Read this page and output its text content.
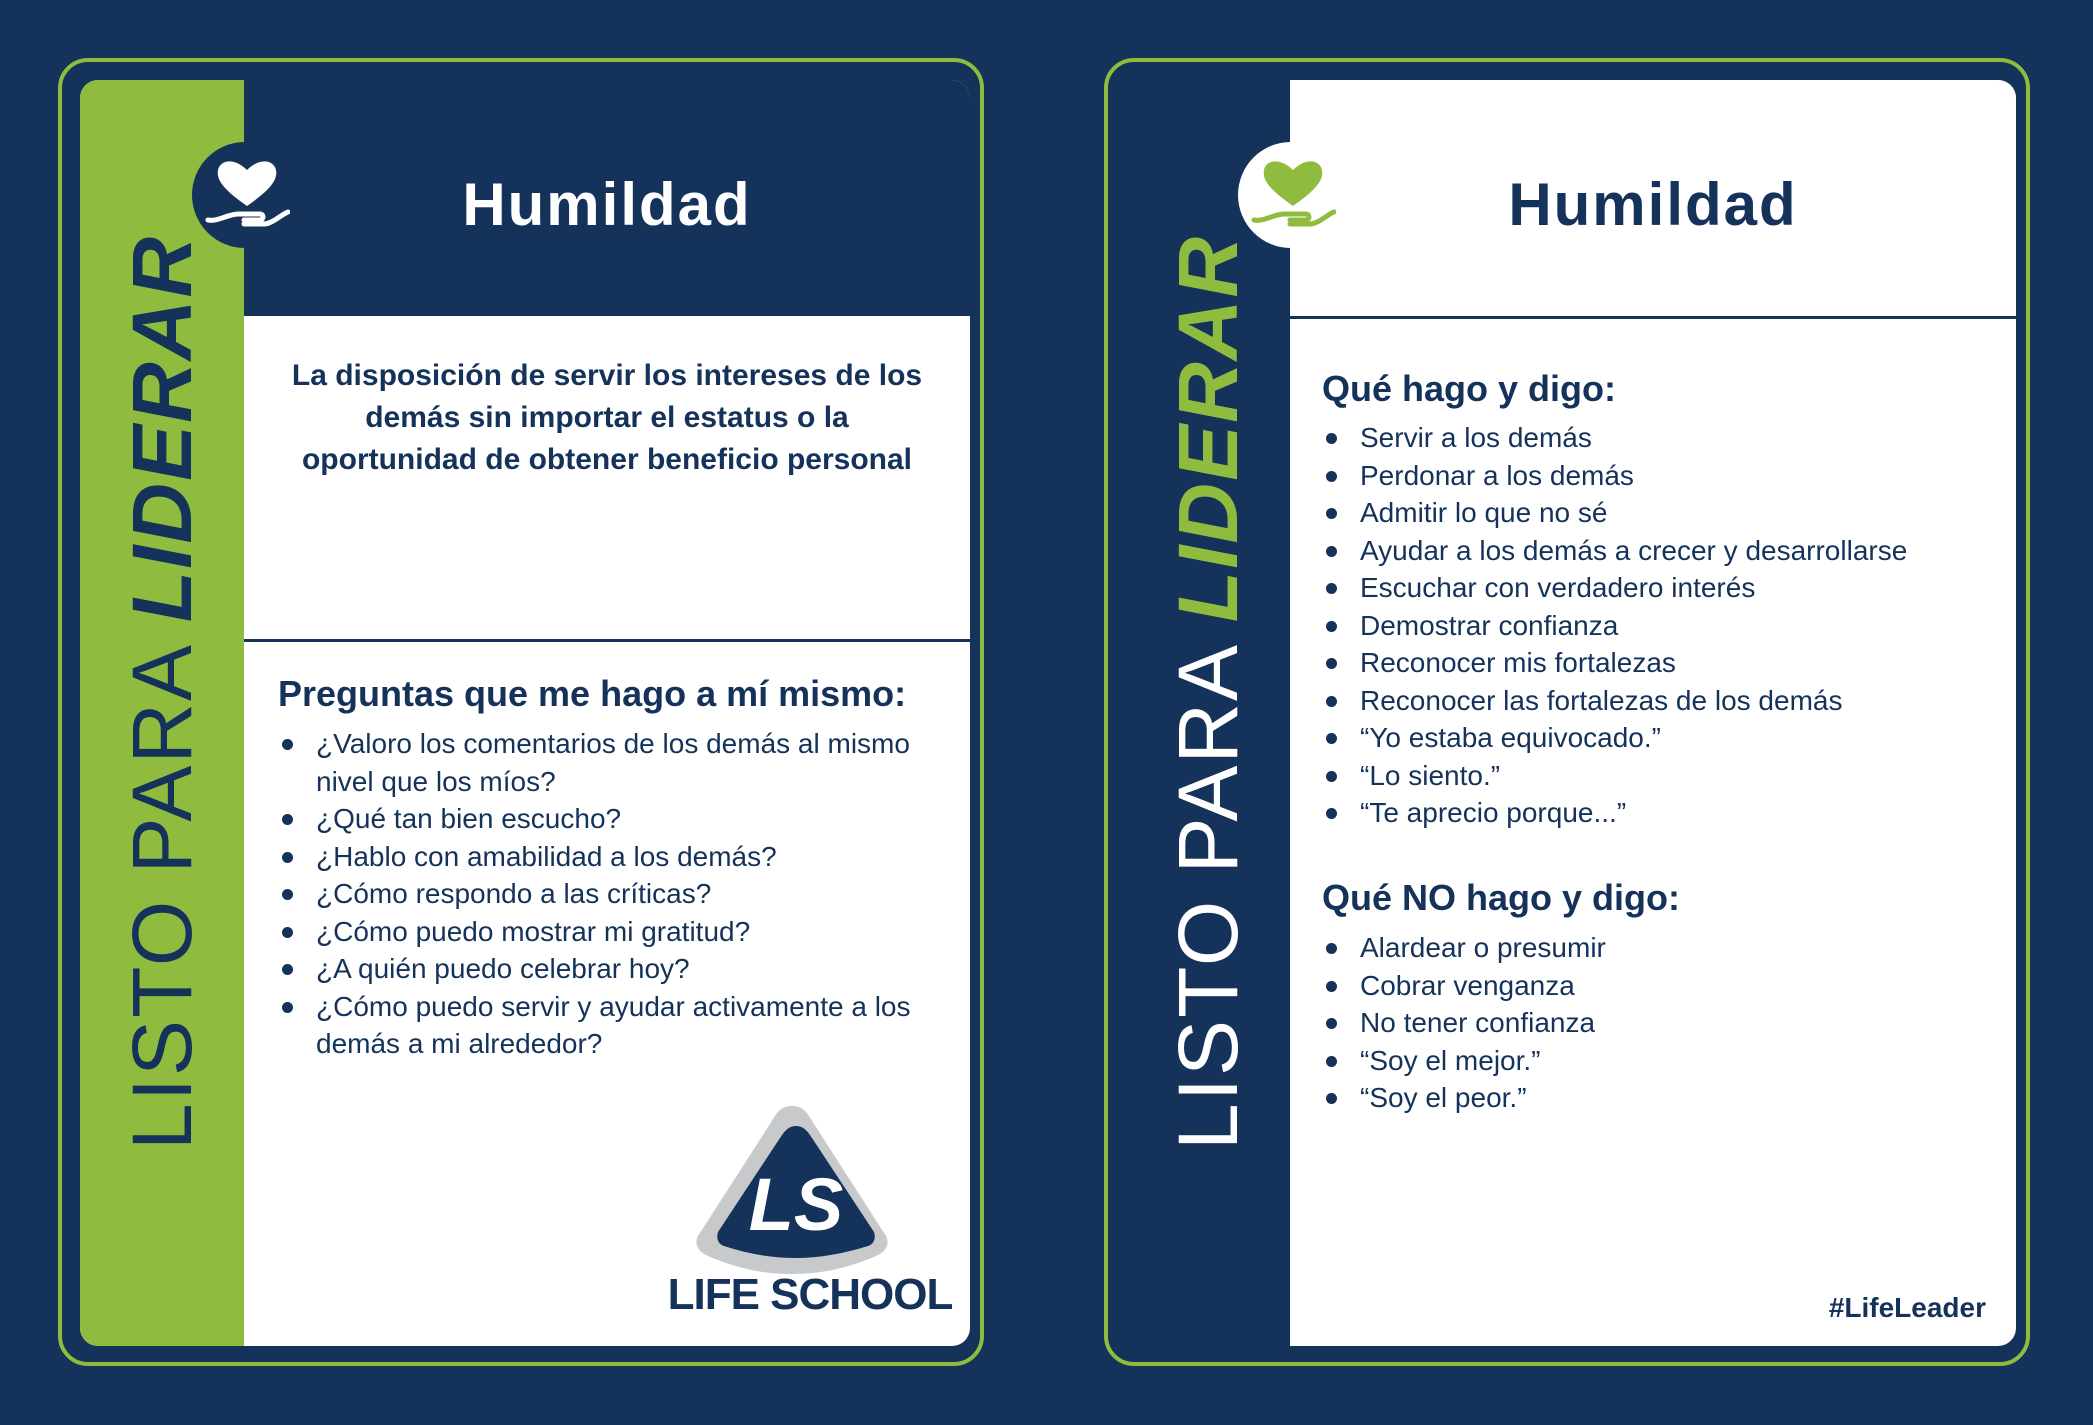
LISTO PARA LIDERAR
Humildad
La disposición de servir los intereses de los demás sin importar el estatus o la oportunidad de obtener beneficio personal
Preguntas que me hago a mí mismo:
¿Valoro los comentarios de los demás al mismo nivel que los míos?
¿Qué tan bien escucho?
¿Hablo con amabilidad a los demás?
¿Cómo respondo a las críticas?
¿Cómo puedo mostrar mi gratitud?
¿A quién puedo celebrar hoy?
¿Cómo puedo servir y ayudar activamente a los demás a mi alrededor?
LS
LIFE SCHOOL
LISTO PARA LIDERAR
Humildad
Qué hago y digo:
Servir a los demás
Perdonar a los demás
Admitir lo que no sé
Ayudar a los demás a crecer y desarrollarse
Escuchar con verdadero interés
Demostrar confianza
Reconocer mis fortalezas
Reconocer las fortalezas de los demás
“Yo estaba equivocado.”
“Lo siento.”
“Te aprecio porque...”
Qué NO hago y digo:
Alardear o presumir
Cobrar venganza
No tener confianza
“Soy el mejor.”
“Soy el peor.”
#LifeLeader
